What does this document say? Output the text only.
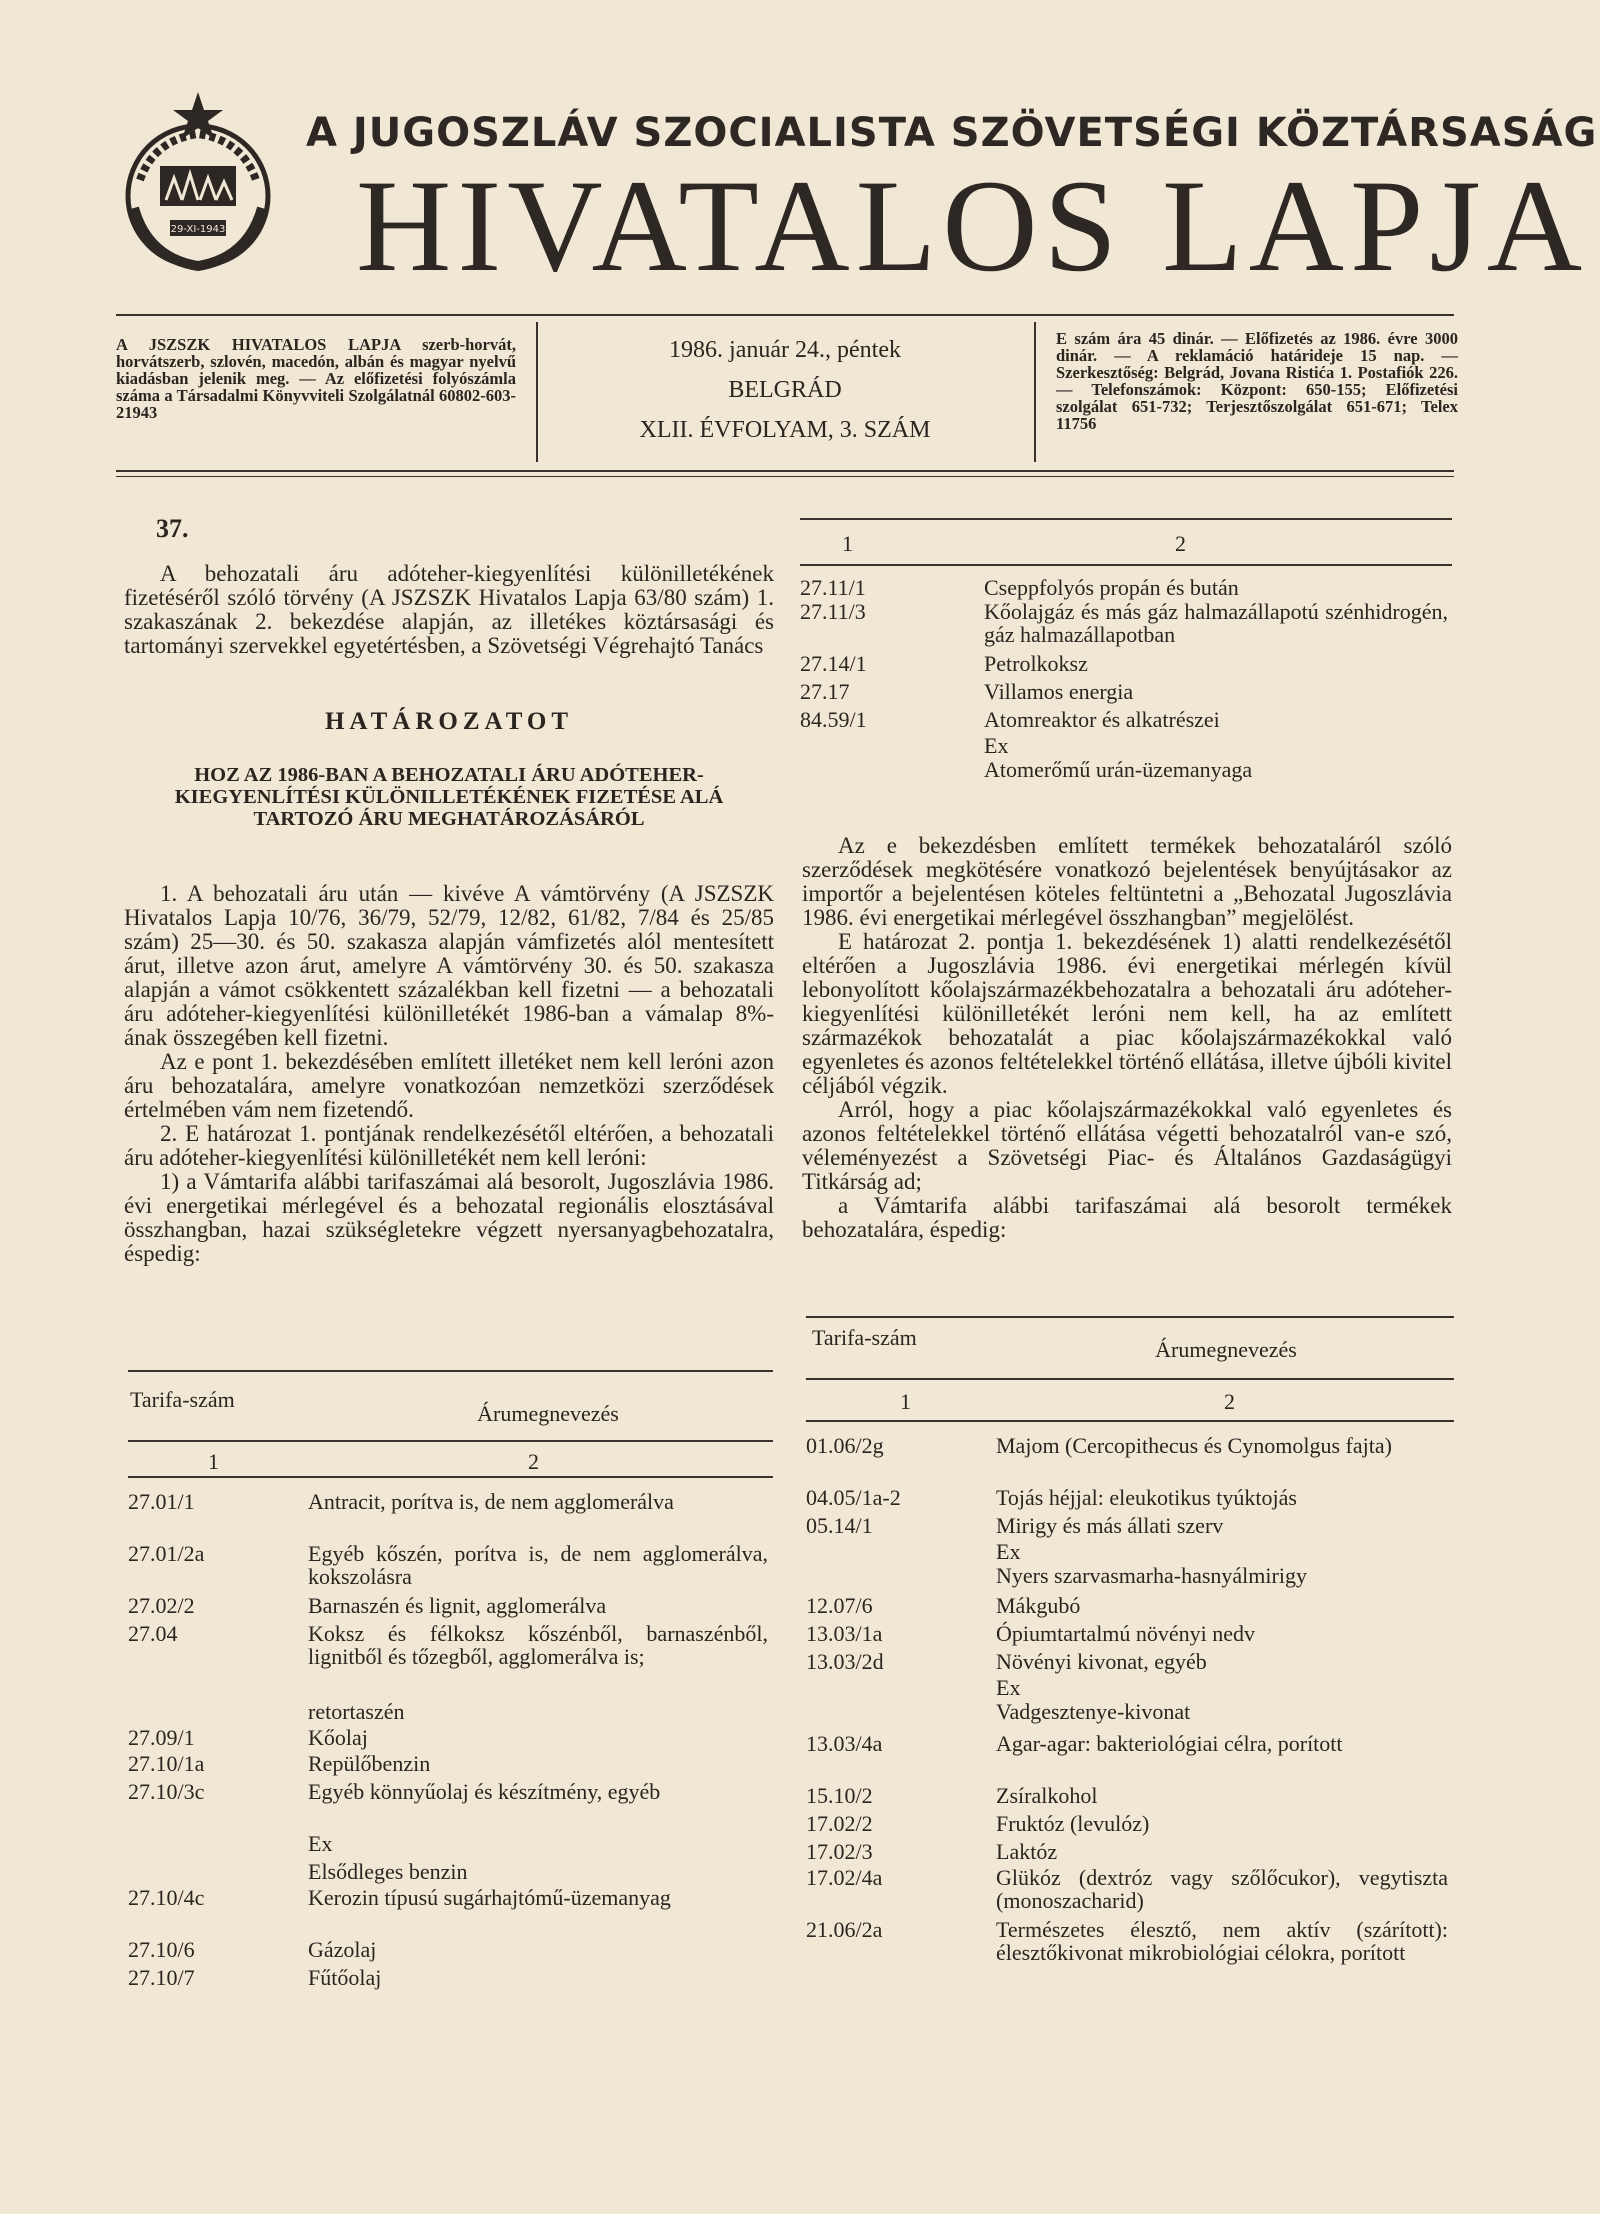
29-XI-1943
A JUGOSZLÁV SZOCIALISTA SZÖVETSÉGI KÖZTÁRSASÁG
HIVATALOS LAPJA
A JSZSZK HIVATALOS LAPJA szerb-horvát, horvátszerb, szlovén, macedón, albán és magyar nyelvű kiadásban jelenik meg. — Az előfizetési folyószámla száma a Társadalmi Könyvviteli Szolgálatnál 60802-603-21943
1986. január 24., péntek
BELGRÁD
XLII. ÉVFOLYAM, 3. SZÁM
E szám ára 45 dinár. — Előfizetés az 1986. évre 3000 dinár. — A reklamáció határideje 15 nap. — Szerkesztőség: Belgrád, Jovana Ristića 1. Postafiók 226. — Telefonszámok: Központ: 650-155; Előfizetési szolgálat 651-732; Terjesztőszolgálat 651-671; Telex 11756
37.

A behozatali áru adóteher-kiegyenlítési különilletékének fizetéséről szóló törvény (A JSZSZK Hivatalos Lapja 63/80 szám) 1. szakaszának 2. bekezdése alapján, az illetékes köztársasági és tartományi szervekkel egyetértésben, a Szövetségi Végrehajtó Tanács

HATÁROZATOT
HOZ AZ 1986-BAN A BEHOZATALI ÁRU ADÓTEHER-KIEGYENLÍTÉSI KÜLÖNILLETÉKÉNEK FIZETÉSE ALÁ TARTOZÓ ÁRU MEGHATÁROZÁSÁRÓL

1. A behozatali áru után — kivéve A vámtörvény (A JSZSZK Hivatalos Lapja 10/76, 36/79, 52/79, 12/82, 61/82, 7/84 és 25/85 szám) 25—30. és 50. szakasza alapján vámfizetés alól mentesített árut, illetve azon árut, amelyre A vámtörvény 30. és 50. szakasza alapján a vámot csökkentett százalékban kell fizetni — a behozatali áru adóteher-kiegyenlítési különilletékét 1986-ban a vámalap 8%-ának összegében kell fizetni.

Az e pont 1. bekezdésében említett illetéket nem kell leróni azon áru behozatalára, amelyre vonatkozóan nemzetközi szerződések értelmében vám nem fizetendő.

2. E határozat 1. pontjának rendelkezésétől eltérően, a behozatali áru adóteher-kiegyenlítési különilletékét nem kell leróni:

1) a Vámtarifa alábbi tarifaszámai alá besorolt, Jugoszlávia 1986. évi energetikai mérlegével és a behozatal regionális elosztásával összhangban, hazai szükségletekre végzett nyersanyagbehozatalra, éspedig:

Tarifa-szám
Árumegnevezés
1	2
27.01/1	Antracit, porítva is, de nem agglomerálva
27.01/2a	Egyéb kőszén, porítva is, de nem agglomerálva, kokszolásra
27.02/2	Barnaszén és lignit, agglomerálva
27.04	Koksz és félkoksz kőszénből, barnaszénből, lignitből és tőzegből, agglomerálva is;
retortaszén
27.09/1	Kőolaj
27.10/1a	Repülőbenzin
27.10/3c	Egyéb könnyűolaj és készítmény, egyéb
Ex
Elsődleges benzin
27.10/4c	Kerozin típusú sugárhajtómű-üzemanyag
27.10/6	Gázolaj
27.10/7	Fűtőolaj
1	2
27.11/1	Cseppfolyós propán és bután
27.11/3	Kőolajgáz és más gáz halmazállapotú szénhidrogén, gáz halmazállapotban
27.14/1	Petrolkoksz
27.17	Villamos energia
84.59/1	Atomreaktor és alkatrészei
Ex
Atomerőmű urán-üzemanyaga

Az e bekezdésben említett termékek behozataláról szóló szerződések megkötésére vonatkozó bejelentések benyújtásakor az importőr a bejelentésen köteles feltüntetni a „Behozatal Jugoszlávia 1986. évi energetikai mérlegével összhangban” megjelölést.

E határozat 2. pontja 1. bekezdésének 1) alatti rendelkezésétől eltérően a Jugoszlávia 1986. évi energetikai mérlegén kívül lebonyolított kőolajszármazékbehozatalra a behozatali áru adóteher-kiegyenlítési különilletékét leróni nem kell, ha az említett származékok behozatalát a piac kőolajszármazékokkal való egyenletes és azonos feltételekkel történő ellátása, illetve újbóli kivitel céljából végzik.

Arról, hogy a piac kőolajszármazékokkal való egyenletes és azonos feltételekkel történő ellátása végetti behozatalról van-e szó, véleményezést a Szövetségi Piac- és Általános Gazdaságügyi Titkárság ad;

a Vámtarifa alábbi tarifaszámai alá besorolt termékek behozatalára, éspedig:

Tarifa-szám	Árumegnevezés
1	2
01.06/2g	Majom (Cercopithecus és Cynomolgus fajta)
04.05/1a-2	Tojás héjjal: eleukotikus tyúktojás
05.14/1	Mirigy és más állati szerv
Ex
Nyers szarvasmarha-hasnyálmirigy
12.07/6	Mákgubó
13.03/1a	Ópiumtartalmú növényi nedv
13.03/2d	Növényi kivonat, egyéb
Ex
Vadgesztenye-kivonat
13.03/4a	Agar-agar: bakteriológiai célra, porított
15.10/2	Zsíralkohol
17.02/2	Fruktóz (levulóz)
17.02/3	Laktóz
17.02/4a	Glükóz (dextróz vagy szőlőcukor), vegytiszta (monoszacharid)
21.06/2a	Természetes élesztő, nem aktív (szárított): élesztőkivonat mikrobiológiai célokra, porított
